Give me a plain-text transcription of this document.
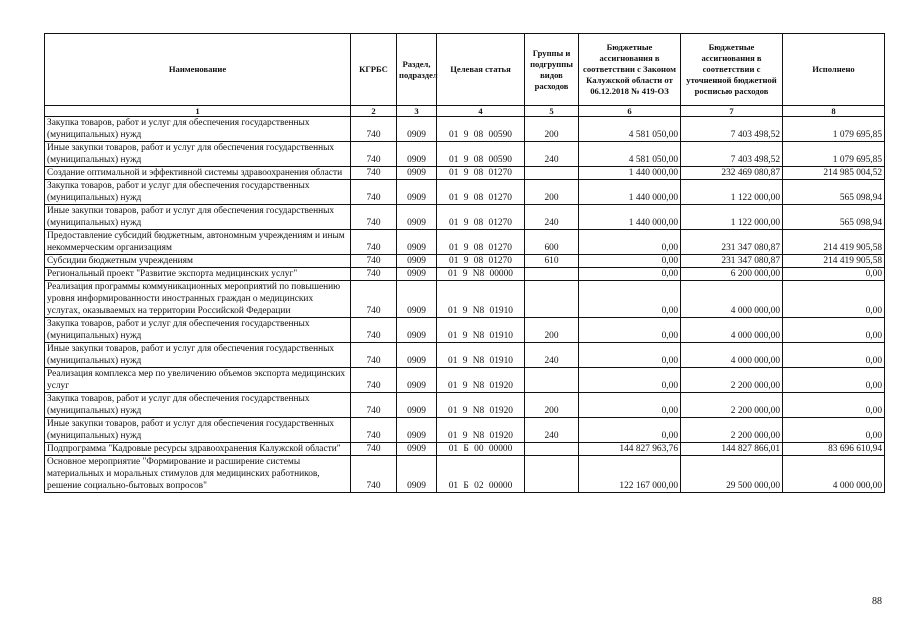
Наименование	КГРБС	Раздел, подраздел	Целевая статья	Группы и подгруппы видов расходов	Бюджетные ассигнования в соответствии с Законом Калужской области от 06.12.2018 № 419-ОЗ	Бюджетные ассигнования в соответствии с уточненной бюджетной росписью расходов	Исполнено
1	2	3	4	5	6	7	8
Закупка товаров, работ и услуг для обеспечения государственных (муниципальных) нужд	740	0909	01 9 08 00590	200	4 581 050,00	7 403 498,52	1 079 695,85
Иные закупки товаров, работ и услуг для обеспечения государственных (муниципальных) нужд	740	0909	01 9 08 00590	240	4 581 050,00	7 403 498,52	1 079 695,85
Создание оптимальной и эффективной системы здравоохранения области	740	0909	01 9 08 01270		1 440 000,00	232 469 080,87	214 985 004,52
Закупка товаров, работ и услуг для обеспечения государственных (муниципальных) нужд	740	0909	01 9 08 01270	200	1 440 000,00	1 122 000,00	565 098,94
Иные закупки товаров, работ и услуг для обеспечения государственных (муниципальных) нужд	740	0909	01 9 08 01270	240	1 440 000,00	1 122 000,00	565 098,94
Предоставление субсидий бюджетным, автономным учреждениям и иным некоммерческим организациям	740	0909	01 9 08 01270	600	0,00	231 347 080,87	214 419 905,58
Субсидии бюджетным учреждениям	740	0909	01 9 08 01270	610	0,00	231 347 080,87	214 419 905,58
Региональный проект "Развитие экспорта медицинских услуг"	740	0909	01 9 N8 00000		0,00	6 200 000,00	0,00
Реализация программы коммуникационных мероприятий по повышению уровня информированности иностранных граждан о медицинских услугах, оказываемых на территории Российской Федерации	740	0909	01 9 N8 01910		0,00	4 000 000,00	0,00
Закупка товаров, работ и услуг для обеспечения государственных (муниципальных) нужд	740	0909	01 9 N8 01910	200	0,00	4 000 000,00	0,00
Иные закупки товаров, работ и услуг для обеспечения государственных (муниципальных) нужд	740	0909	01 9 N8 01910	240	0,00	4 000 000,00	0,00
Реализация комплекса мер по увеличению объемов экспорта медицинских услуг	740	0909	01 9 N8 01920		0,00	2 200 000,00	0,00
Закупка товаров, работ и услуг для обеспечения государственных (муниципальных) нужд	740	0909	01 9 N8 01920	200	0,00	2 200 000,00	0,00
Иные закупки товаров, работ и услуг для обеспечения государственных (муниципальных) нужд	740	0909	01 9 N8 01920	240	0,00	2 200 000,00	0,00
Подпрограмма "Кадровые ресурсы здравоохранения Калужской области"	740	0909	01 Б 00 00000		144 827 963,76	144 827 866,01	83 696 610,94
Основное мероприятие "Формирование и расширение системы материальных и моральных стимулов для медицинских работников, решение социально-бытовых вопросов"	740	0909	01 Б 02 00000		122 167 000,00	29 500 000,00	4 000 000,00
88
